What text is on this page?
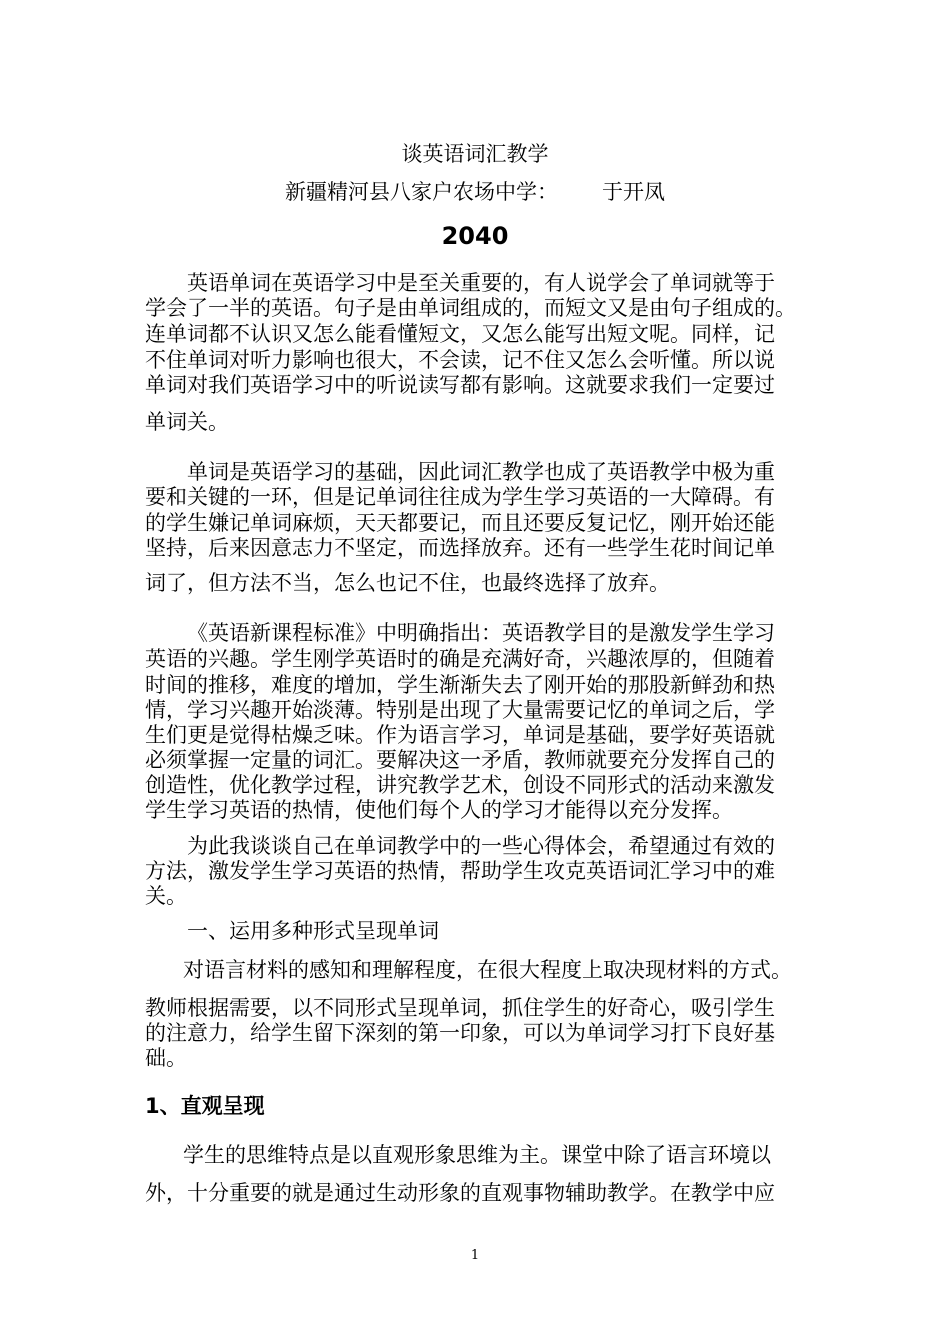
谈英语词汇教学
新疆精河县八家户农场中学： 于开凤
2040
英语单词在英语学习中是至关重要的，有人说学会了单词就等于
学会了一半的英语。句子是由单词组成的，而短文又是由句子组成的。
连单词都不认识又怎么能看懂短文，又怎么能写出短文呢。同样，记
不住单词对听力影响也很大，不会读，记不住又怎么会听懂。所以说
单词对我们英语学习中的听说读写都有影响。这就要求我们一定要过
单词关。
单词是英语学习的基础，因此词汇教学也成了英语教学中极为重
要和关键的一环，但是记单词往往成为学生学习英语的一大障碍。有
的学生嫌记单词麻烦，天天都要记，而且还要反复记忆，刚开始还能
坚持，后来因意志力不坚定，而选择放弃。还有一些学生花时间记单
词了，但方法不当，怎么也记不住，也最终选择了放弃。
《英语新课程标准》中明确指出：英语教学目的是激发学生学习
英语的兴趣。学生刚学英语时的确是充满好奇，兴趣浓厚的，但随着
时间的推移，难度的增加，学生渐渐失去了刚开始的那股新鲜劲和热
情，学习兴趣开始淡薄。特别是出现了大量需要记忆的单词之后，学
生们更是觉得枯燥乏味。作为语言学习，单词是基础，要学好英语就
必须掌握一定量的词汇。要解决这一矛盾，教师就要充分发挥自己的
创造性，优化教学过程，讲究教学艺术，创设不同形式的活动来激发
学生学习英语的热情，使他们每个人的学习才能得以充分发挥。
为此我谈谈自己在单词教学中的一些心得体会，希望通过有效的
方法，激发学生学习英语的热情，帮助学生攻克英语词汇学习中的难
关。
一、运用多种形式呈现单词
对语言材料的感知和理解程度，在很大程度上取决现材料的方式。
教师根据需要，以不同形式呈现单词，抓住学生的好奇心，吸引学生
的注意力，给学生留下深刻的第一印象，可以为单词学习打下良好基
础。
1、直观呈现
学生的思维特点是以直观形象思维为主。课堂中除了语言环境以
外，十分重要的就是通过生动形象的直观事物辅助教学。在教学中应
1
